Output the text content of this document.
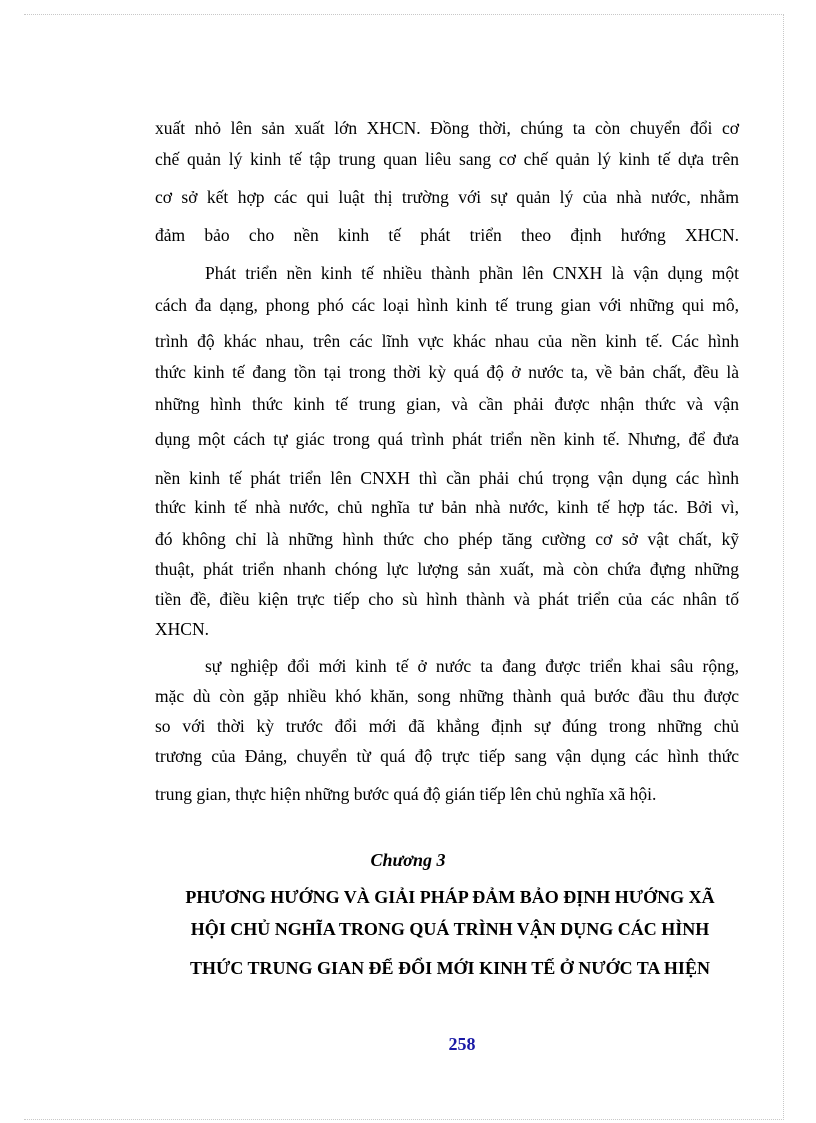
xuất nhỏ lên sản xuất lớn XHCN. Đồng thời, chúng ta còn chuyển đổi cơ
chế quản lý kinh tế tập trung quan liêu sang cơ chế quản lý kinh tế dựa trên
cơ sở kết hợp các qui luật thị trường với sự quản lý của nhà nước, nhằm
đảm bảo cho nền kinh tế phát triển theo định hướng XHCN.
Phát triển nền kinh tế nhiều thành phần lên CNXH là vận dụng một
cách đa dạng, phong phó các loại hình kinh tế trung gian với những qui mô,
trình độ khác nhau, trên các lĩnh vực khác nhau của nền kinh tế. Các hình
thức kinh tế đang tồn tại trong thời kỳ quá độ ở nước ta, về bản chất, đều là
những hình thức kinh tế trung gian, và cần phải được nhận thức và vận
dụng một cách tự giác trong quá trình phát triển nền kinh tế. Nhưng, để đưa
nền kinh tế phát triển lên CNXH thì cần phải chú trọng vận dụng các hình
thức kinh tế nhà nước, chủ nghĩa tư bản nhà nước, kinh tế hợp tác. Bởi vì,
đó không chỉ là những hình thức cho phép tăng cường cơ sở vật chất, kỹ
thuật, phát triển nhanh chóng lực lượng sản xuất, mà còn chứa đựng những
tiền đề, điều kiện trực tiếp cho sù hình thành và phát triển của các nhân tố
XHCN.
sự nghiệp đổi mới kinh tế ở nước ta đang được triển khai sâu rộng,
mặc dù còn gặp nhiều khó khăn, song những thành quả bước đầu thu được
so với thời kỳ trước đổi mới đã khẳng định sự đúng trong những chủ
trương của Đảng, chuyển từ quá độ trực tiếp sang vận dụng các hình thức
trung gian, thực hiện những bước quá độ gián tiếp lên chủ nghĩa xã hội.
Chương 3
PHƯƠNG HƯỚNG VÀ GIẢI PHÁP ĐẢM BẢO ĐỊNH HƯỚNG XÃ
HỘI CHỦ NGHĨA TRONG QUÁ TRÌNH VẬN DỤNG CÁC HÌNH
THỨC TRUNG GIAN ĐỂ ĐỔI MỚI KINH TẾ Ở NƯỚC TA HIỆN
258
